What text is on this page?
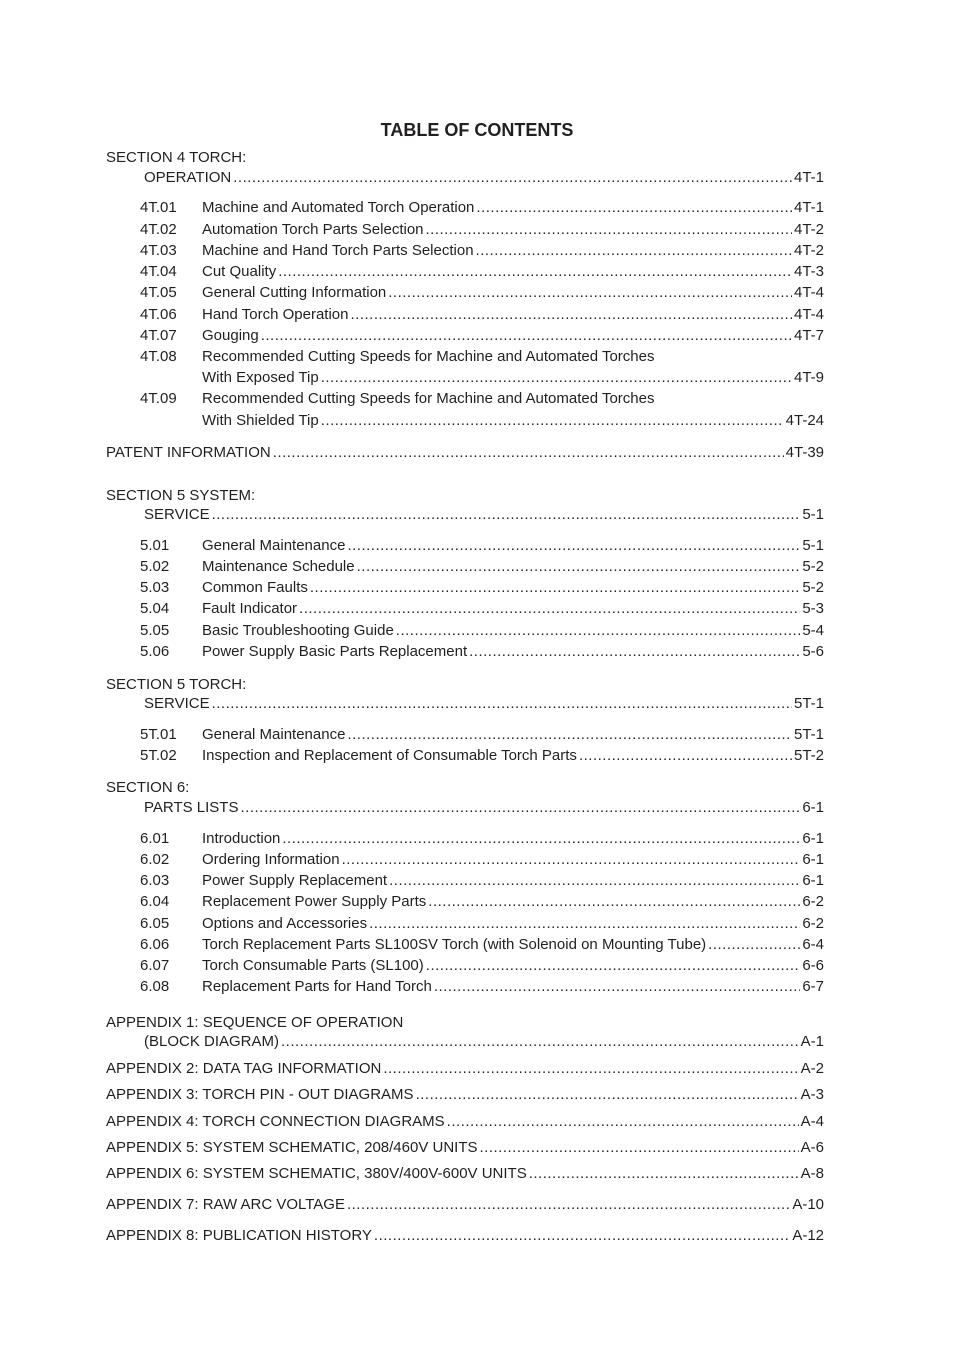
TABLE OF CONTENTS
SECTION 4 TORCH:
OPERATION .....	4T-1
4T.01	Machine and Automated Torch Operation .....	4T-1
4T.02	Automation Torch Parts Selection .....	4T-2
4T.03	Machine and Hand Torch Parts Selection .....	4T-2
4T.04	Cut Quality .....	4T-3
4T.05	General Cutting Information .....	4T-4
4T.06	Hand Torch Operation .....	4T-4
4T.07	Gouging .....	4T-7
4T.08	Recommended Cutting Speeds for Machine and Automated Torches
With Exposed Tip .....	4T-9
4T.09	Recommended Cutting Speeds for Machine and Automated Torches
With Shielded Tip .....	4T-24
PATENT INFORMATION .....	4T-39
SECTION 5 SYSTEM:
SERVICE .....	5-1
5.01	General Maintenance .....	5-1
5.02	Maintenance Schedule .....	5-2
5.03	Common Faults .....	5-2
5.04	Fault Indicator .....	5-3
5.05	Basic Troubleshooting Guide .....	5-4
5.06	Power Supply Basic Parts Replacement .....	5-6
SECTION 5 TORCH:
SERVICE .....	5T-1
5T.01	General Maintenance .....	5T-1
5T.02	Inspection and Replacement of Consumable Torch Parts .....	5T-2
SECTION 6:
PARTS LISTS .....	6-1
6.01	Introduction .....	6-1
6.02	Ordering Information .....	6-1
6.03	Power Supply Replacement .....	6-1
6.04	Replacement Power Supply Parts .....	6-2
6.05	Options and Accessories .....	6-2
6.06	Torch Replacement Parts SL100SV Torch (with Solenoid on Mounting Tube) .....	6-4
6.07	Torch Consumable Parts (SL100) .....	6-6
6.08	Replacement Parts for Hand Torch .....	6-7
APPENDIX 1: SEQUENCE OF OPERATION
(BLOCK DIAGRAM) .....	A-1
APPENDIX 2: DATA TAG INFORMATION .....	A-2
APPENDIX 3: TORCH PIN - OUT DIAGRAMS .....	A-3
APPENDIX 4: TORCH CONNECTION DIAGRAMS .....	A-4
APPENDIX 5: SYSTEM SCHEMATIC, 208/460V UNITS .....	A-6
APPENDIX 6: SYSTEM SCHEMATIC, 380V/400V-600V UNITS .....	A-8
APPENDIX 7: RAW ARC VOLTAGE .....	A-10
APPENDIX 8: PUBLICATION HISTORY .....	A-12
